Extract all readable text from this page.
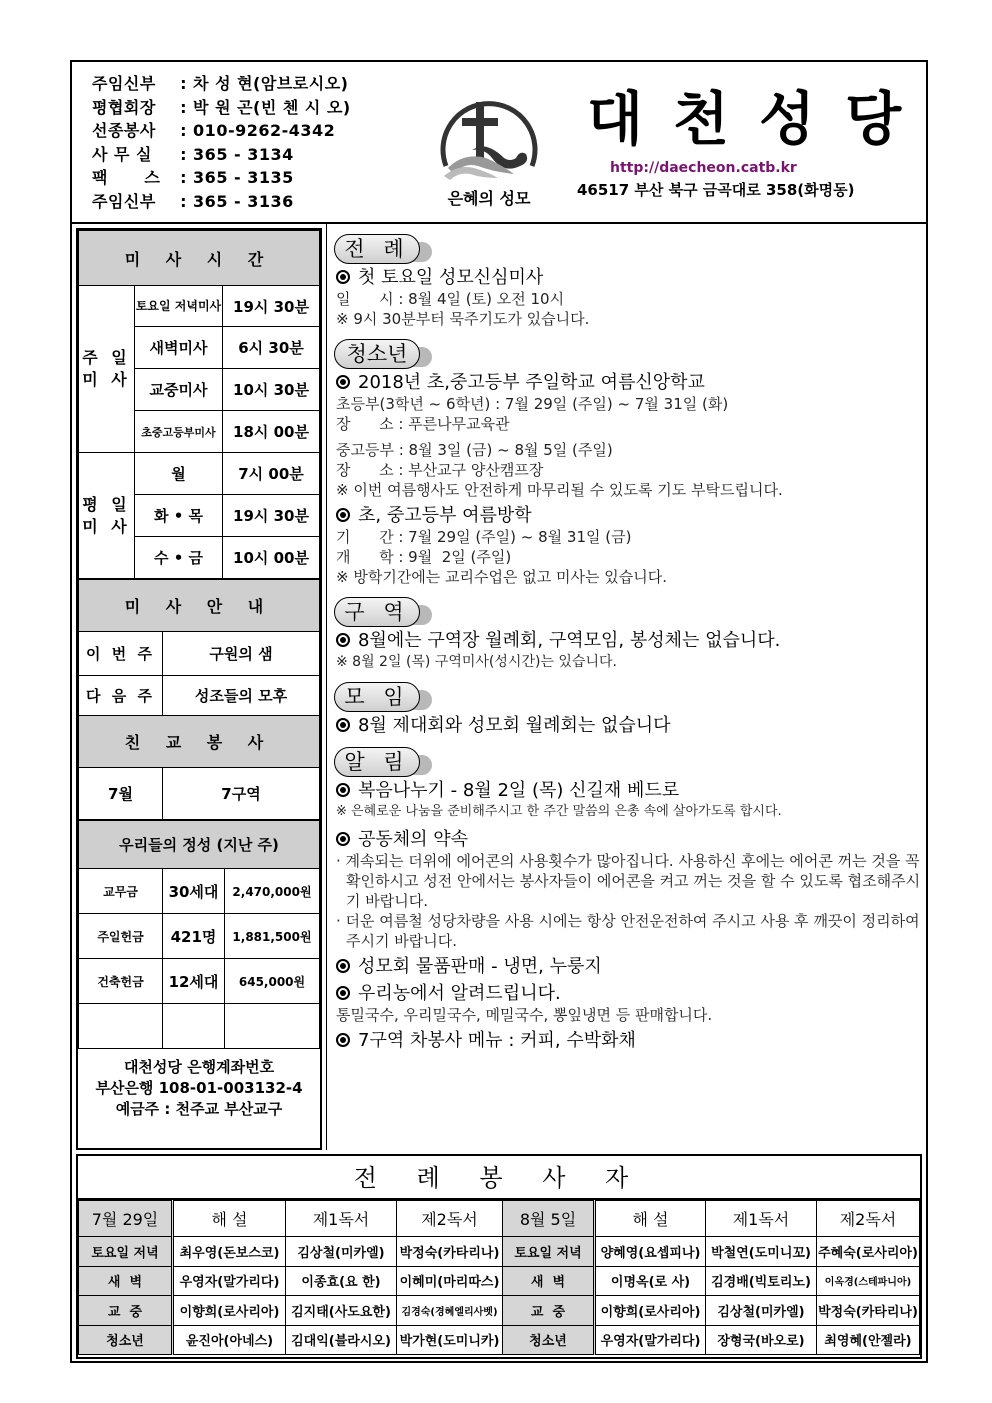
주임신부 : 차 성 현(암브로시오)
평협회장 : 박 원 곤(빈 첸 시 오)
선종봉사 : 010-9262-4342
사 무 실 : 365 - 3134
팩      스 : 365 - 3135
주임신부 : 365 - 3136	은혜의 성모
대천성당
http://daecheon.catb.kr
46517 부산 북구 금곡대로 358(화명동)
미 사 시 간		
주 일 미 사	토요일 저녁미사	19시 30분
	새벽미사	6시 30분
	교중미사	10시 30분
	초중고등부미사	18시 00분
평 일 미 사	월	7시 00분
	화 • 목	19시 30분
	수 • 금	10시 00분
미 사 안 내	
이 번 주	구원의 샘
다 음 주	성조들의 모후
친 교 봉 사	
7월	7구역
우리들의 정성 (지난 주)		
교무금	30세대	2,470,000원
주일헌금	421명	1,881,500원
건축헌금	12세대	645,000원

대천성당 은행계좌번호
부산은행 108-01-003132-4
예금주 : 천주교 부산교구
전 례
첫 토요일 성모신심미사
일      시 : 8월 4일 (토) 오전 10시
※ 9시 30분부터 묵주기도가 있습니다.
청소년
2018년 초,중고등부 주일학교 여름신앙학교
초등부(3학년 ~ 6학년) : 7월 29일 (주일) ~ 7월 31일 (화)
장      소 : 푸른나무교육관
중고등부 : 8월 3일 (금) ~ 8월 5일 (주일)
장      소 : 부산교구 양산캠프장
※ 이번 여름행사도 안전하게 마무리될 수 있도록 기도 부탁드립니다.
초, 중고등부 여름방학
기      간 : 7월 29일 (주일) ~ 8월 31일 (금)
개      학 : 9월  2일 (주일)
※ 방학기간에는 교리수업은 없고 미사는 있습니다.
구 역
8월에는 구역장 월례회, 구역모임, 봉성체는 없습니다.
※ 8월 2일 (목) 구역미사(성시간)는 있습니다.
모 임
8월 제대회와 성모회 월례회는 없습니다
알 림
복음나누기 - 8월 2일 (목) 신길재 베드로
※ 은혜로운 나눔을 준비해주시고 한 주간 말씀의 은총 속에 살아가도록 합시다.
공동체의 약속
· 계속되는 더위에 에어콘의 사용횟수가 많아집니다. 사용하신 후에는 에어콘 꺼는 것을 꼭 확인하시고 성전 안에서는 봉사자들이 에어콘을 켜고 꺼는 것을 할 수 있도록 협조해주시기 바랍니다.
· 더운 여름철 성당차량을 사용 시에는 항상 안전운전하여 주시고 사용 후 깨끗이 정리하여 주시기 바랍니다.
성모회 물품판매 - 냉면, 누룽지
우리농에서 알려드립니다.
통밀국수, 우리밀국수, 메밀국수, 뽕잎냉면 등 판매합니다.
7구역 차봉사 메뉴 : 커피, 수박화채
전 례 봉 사 자
7월 29일	해 설	제1독서	제2독서	8월 5일	해 설	제1독서	제2독서
토요일 저녁	최우영(돈보스코)	김상철(미카엘)	박정숙(카타리나)	토요일 저녁	양혜영(요셉피나)	박철연(도미니꼬)	주혜숙(로사리아)
새  벽	우영자(말가리다)	이종효(요 한)	이혜미(마리따스)	새  벽	이명옥(로 사)	김경배(빅토리노)	이옥경(스테파니아)
교  중	이향희(로사리아)	김지태(사도요한)	김경숙(경혜엘리사벳)	교  중	이향희(로사리아)	김상철(미카엘)	박정숙(카타리나)
청소년	윤진아(아네스)	김대익(블라시오)	박가현(도미니카)	청소년	우영자(말가리다)	장형국(바오로)	최영혜(안젤라)
